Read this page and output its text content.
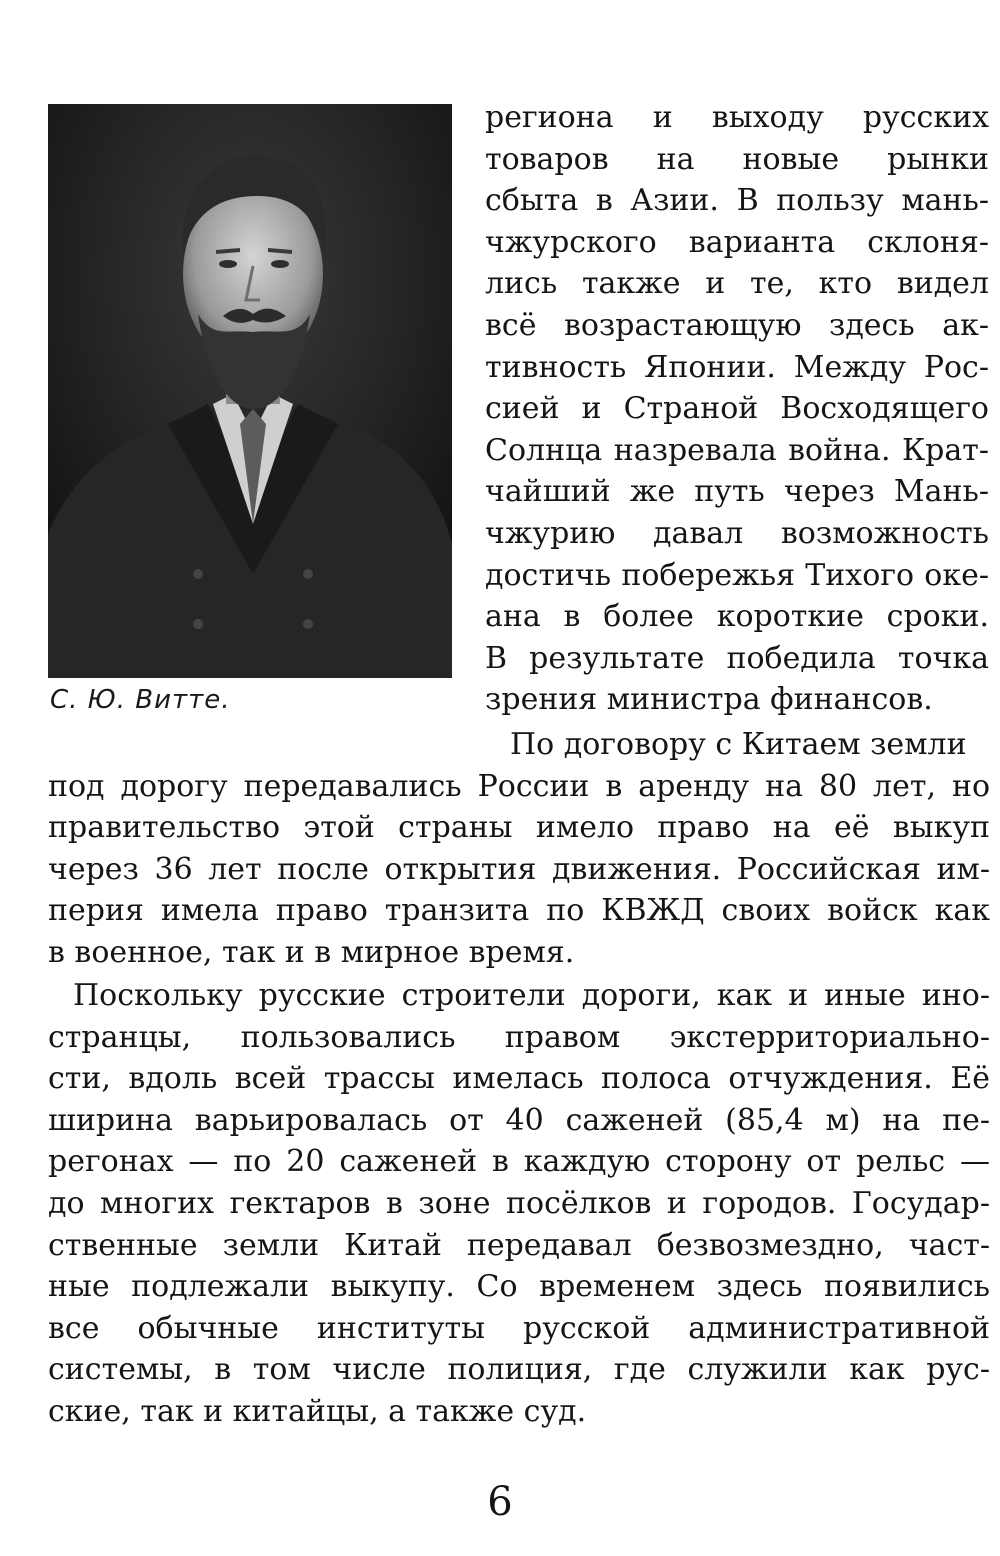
С. Ю. Витте.
региона и выходу русских
товаров на новые рынки
сбыта в Азии. В пользу мань-
чжурского варианта склоня-
лись также и те, кто видел
всё возрастающую здесь ак-
тивность Японии. Между Рос-
сией и Страной Восходящего
Солнца назревала война. Крат-
чайший же путь через Мань-
чжурию давал возможность
достичь побережья Тихого оке-
ана в более короткие сроки.
В результате победила точка
зрения министра финансов.
По договору с Китаем земли
под дорогу передавались России в аренду на 80 лет, но
правительство этой страны имело право на её выкуп
через 36 лет после открытия движения. Российская им-
перия имела право транзита по КВЖД своих войск как
в военное, так и в мирное время.
Поскольку русские строители дороги, как и иные ино-
странцы, пользовались правом экстерриториально-
сти, вдоль всей трассы имелась полоса отчуждения. Её
ширина варьировалась от 40 саженей (85,4 м) на пе-
регонах — по 20 саженей в каждую сторону от рельс —
до многих гектаров в зоне посёлков и городов. Государ-
ственные земли Китай передавал безвозмездно, част-
ные подлежали выкупу. Со временем здесь появились
все обычные институты русской административной
системы, в том числе полиция, где служили как рус-
ские, так и китайцы, а также суд.
6
